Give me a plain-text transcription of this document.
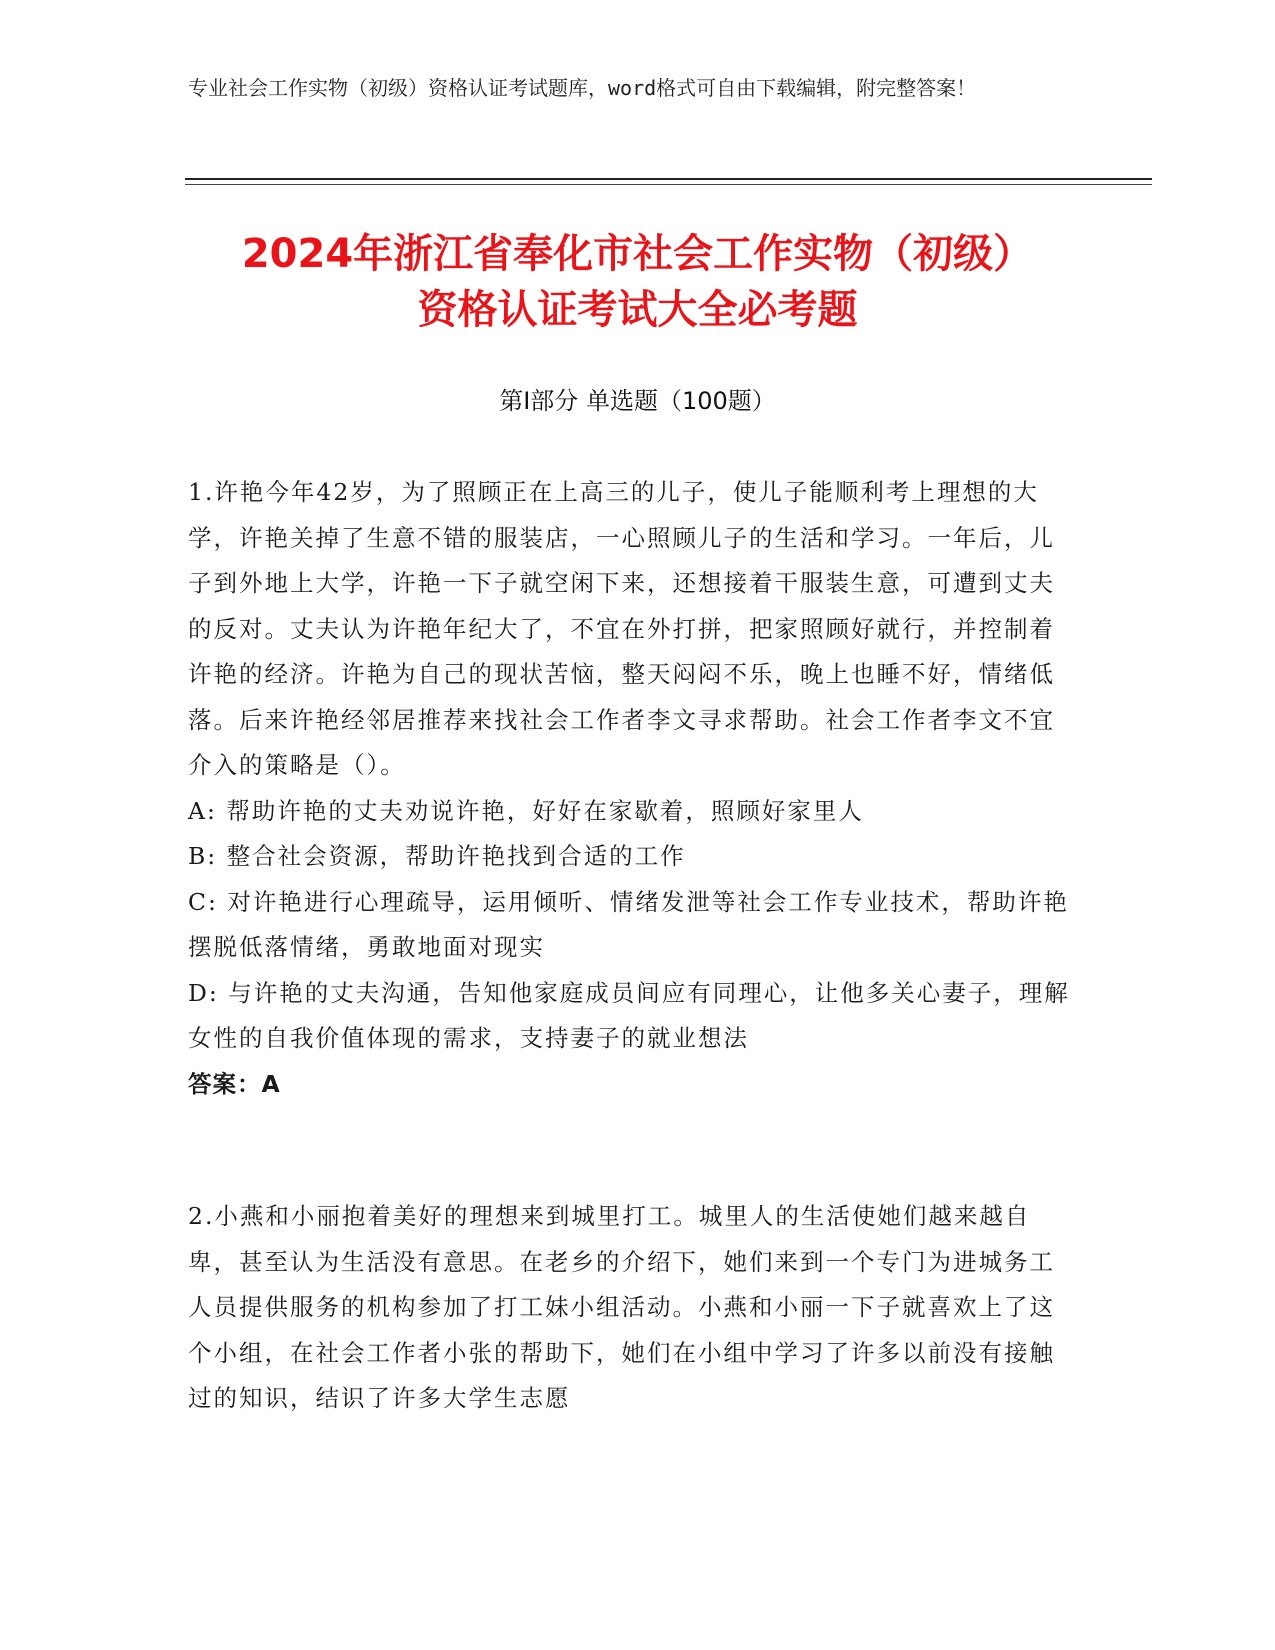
专业社会工作实物（初级）资格认证考试题库，word格式可自由下载编辑，附完整答案！
2024年浙江省奉化市社会工作实物（初级）
资格认证考试大全必考题
第Ⅰ部分 单选题（100题）

1.许艳今年42岁，为了照顾正在上高三的儿子，使儿子能顺利考上理想的大学，许艳关掉了生意不错的服装店，一心照顾儿子的生活和学习。一年后，儿子到外地上大学，许艳一下子就空闲下来，还想接着干服装生意，可遭到丈夫的反对。丈夫认为许艳年纪大了，不宜在外打拼，把家照顾好就行，并控制着许艳的经济。许艳为自己的现状苦恼，整天闷闷不乐，晚上也睡不好，情绪低落。后来许艳经邻居推荐来找社会工作者李文寻求帮助。社会工作者李文不宜介入的策略是（）。

A: 帮助许艳的丈夫劝说许艳，好好在家歇着，照顾好家里人

B: 整合社会资源，帮助许艳找到合适的工作

C: 对许艳进行心理疏导，运用倾听、情绪发泄等社会工作专业技术，帮助许艳摆脱低落情绪，勇敢地面对现实

D: 与许艳的丈夫沟通，告知他家庭成员间应有同理心，让他多关心妻子，理解女性的自我价值体现的需求，支持妻子的就业想法

答案：A

2.小燕和小丽抱着美好的理想来到城里打工。城里人的生活使她们越来越自卑，甚至认为生活没有意思。在老乡的介绍下，她们来到一个专门为进城务工人员提供服务的机构参加了打工妹小组活动。小燕和小丽一下子就喜欢上了这个小组，在社会工作者小张的帮助下，她们在小组中学习了许多以前没有接触过的知识，结识了许多大学生志愿
